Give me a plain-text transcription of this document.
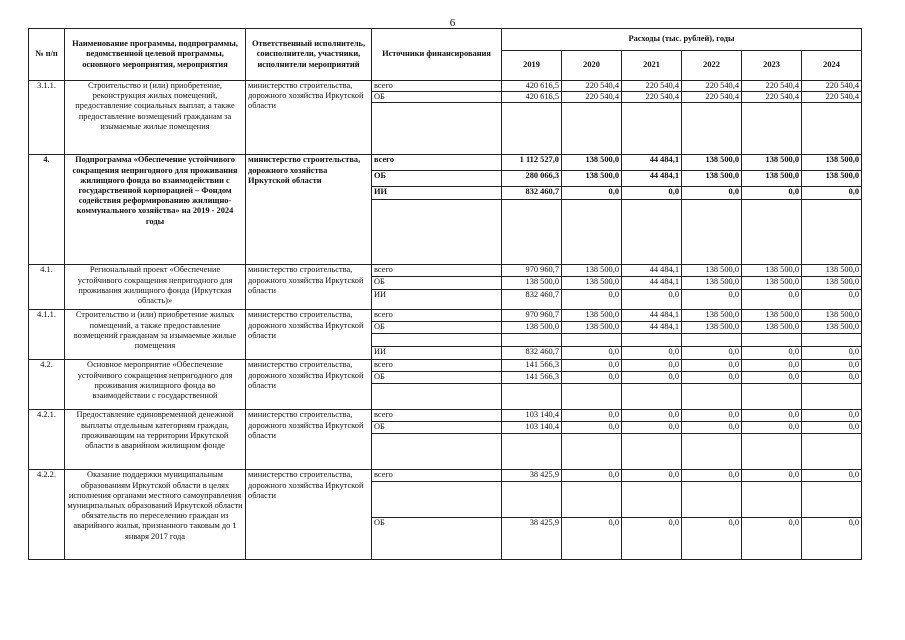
6
№ п/п	Наименование программы, подпрограммы, ведомственной целевой программы, основного мероприятия, мероприятия	Ответственный исполнитель, соисполнители, участники, исполнители мероприятий	Источники финансирования	Расходы (тыс. рублей), годы					
				2019	2020	2021	2022	2023	2024
3.1.1.	Строительство и (или) приобретение, реконструкция жилых помещений, предоставление социальных выплат, а также предоставление возмещений гражданам за изымаемые жилые помещения	министерство строительства, дорожного хозяйства Иркутской области	всего	420 616,5	220 540,4	220 540,4	220 540,4	220 540,4	220 540,4
			ОБ	420 616,5	220 540,4	220 540,4	220 540,4	220 540,4	220 540,4

4.	Подпрограмма «Обеспечение устойчивого сокращения непригодного для проживания жилищного фонда во взаимодействии с государственной корпорацией – Фондом содействия реформированию жилищно-коммунального хозяйства» на 2019 - 2024 годы	министерство строительства, дорожного хозяйства Иркутской области	всего	1 112 527,0	138 500,0	44 484,1	138 500,0	138 500,0	138 500,0
			ОБ	280 066,3	138 500,0	44 484,1	138 500,0	138 500,0	138 500,0
			ИИ	832 460,7	0,0	0,0	0,0	0,0	0,0

4.1.	Региональный проект «Обеспечение устойчивого сокращения непригодного для проживания жилищного фонда (Иркутская область)»	министерство строительства, дорожного хозяйства Иркутской области	всего	970 960,7	138 500,0	44 484,1	138 500,0	138 500,0	138 500,0
			ОБ	138 500,0	138 500,0	44 484,1	138 500,0	138 500,0	138 500,0
			ИИ	832 460,7	0,0	0,0	0,0	0,0	0,0
4.1.1.	Строительство и (или) приобретение жилых помещений, а также предоставление возмещений гражданам за изымаемые жилые помещения	министерство строительства, дорожного хозяйства Иркутской области	всего	970 960,7	138 500,0	44 484,1	138 500,0	138 500,0	138 500,0
			ОБ	138 500,0	138 500,0	44 484,1	138 500,0	138 500,0	138 500,0

			ИИ	832 460,7	0,0	0,0	0,0	0,0	0,0
4.2.	Основное мероприятие «Обеспечение устойчивого сокращения непригодного для проживания жилищного фонда во взаимодействии с государственной	министерство строительства, дорожного хозяйства Иркутской области	всего	141 566,3	0,0	0,0	0,0	0,0	0,0
			ОБ	141 566,3	0,0	0,0	0,0	0,0	0,0

4.2.1.	Предоставление единовременной денежной выплаты отдельным категориям граждан, проживающим на территории Иркутской области в аварийном жилищном фонде	министерство строительства, дорожного хозяйства Иркутской области	всего	103 140,4	0,0	0,0	0,0	0,0	0,0
			ОБ	103 140,4	0,0	0,0	0,0	0,0	0,0

4.2.2.	Оказание поддержки муниципальным образованиям Иркутской области в целях исполнения органами местного самоуправления муниципальных образований Иркутской области обязательств по переселению граждан из аварийного жилья, признанного таковым до 1 января 2017 года	министерство строительства, дорожного хозяйства Иркутской области	всего	38 425,9	0,0	0,0	0,0	0,0	0,0

			ОБ	38 425,9	0,0	0,0	0,0	0,0	0,0
